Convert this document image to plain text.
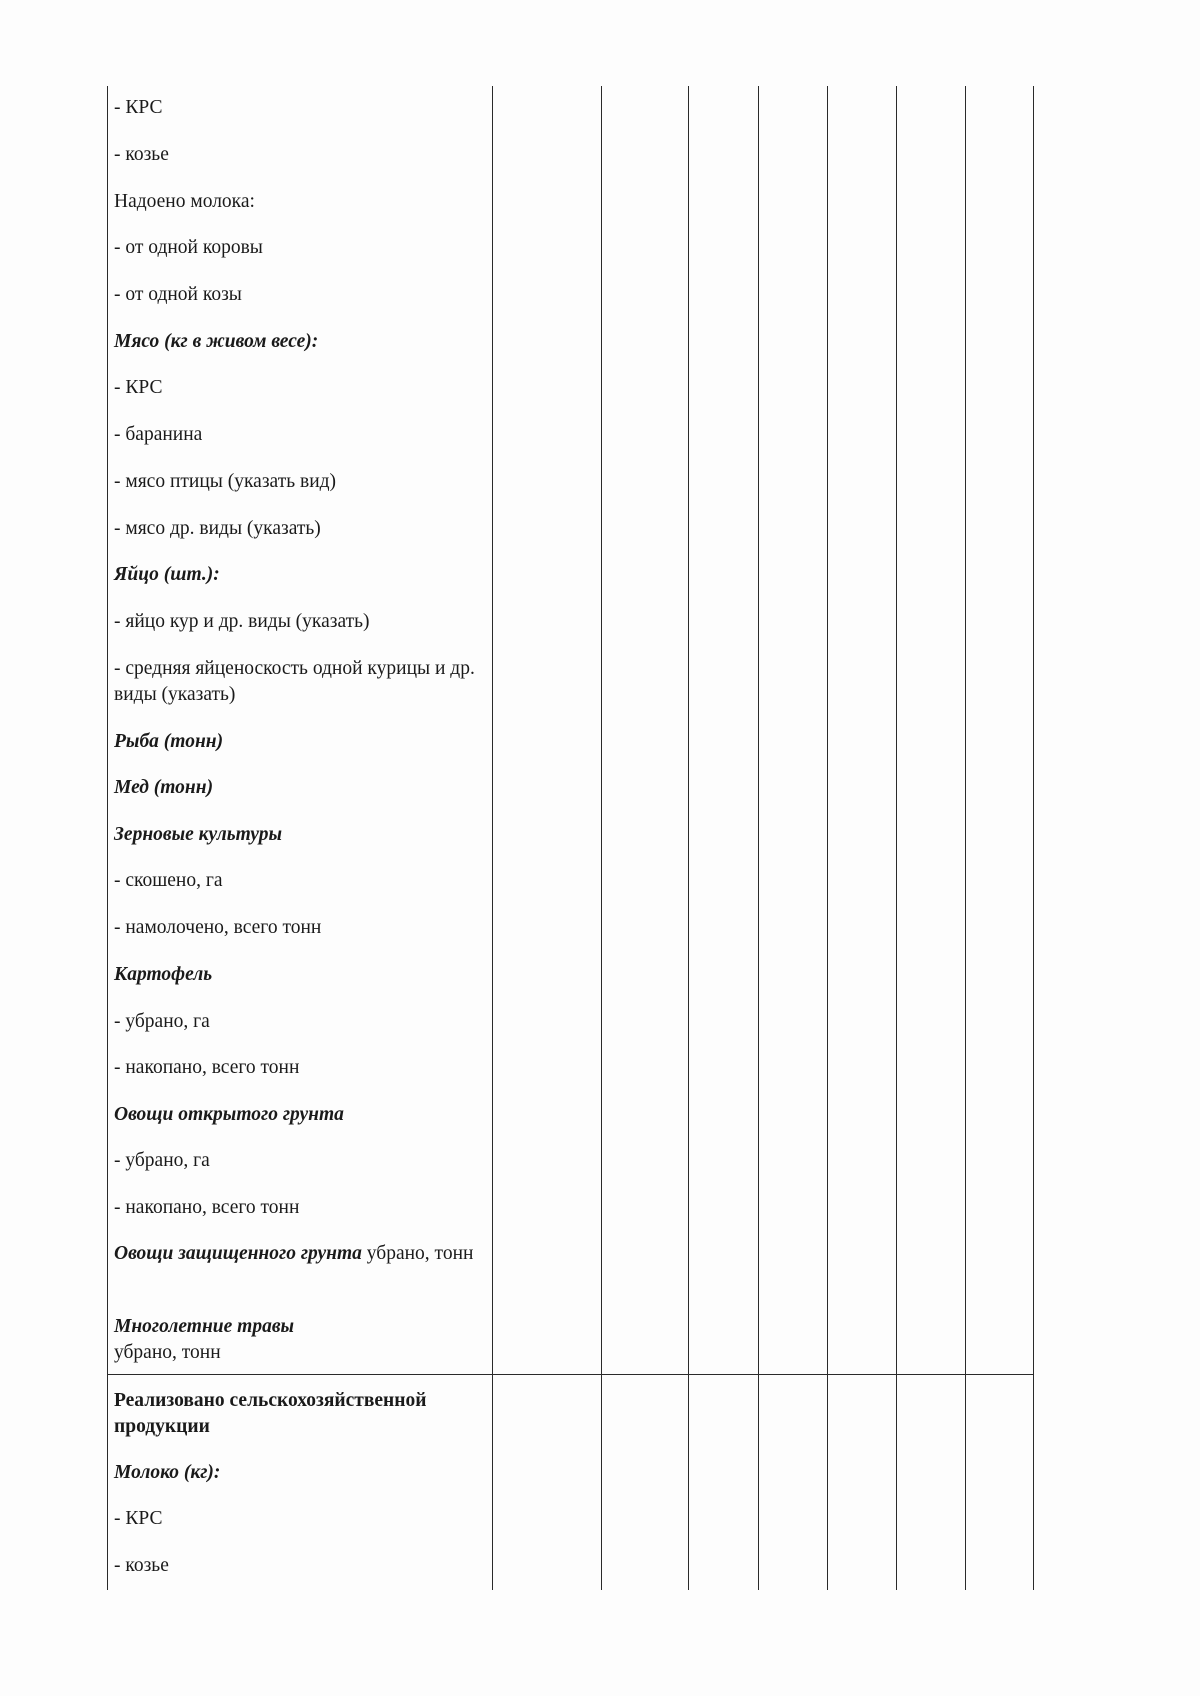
- КРС
- козье
Надоено молока:
- от одной коровы
- от одной козы
Мясо (кг в живом весе):
- КРС
- баранина
- мясо птицы (указать вид)
- мясо др. виды (указать)
Яйцо (шт.):
- яйцо кур и др. виды (указать)
- средняя яйценоскость одной курицы и др. виды (указать)
Рыба (тонн)
Мед (тонн)
Зерновые культуры
- скошено, га
- намолочено, всего тонн
Картофель
- убрано, га
- накопано, всего тонн
Овощи открытого грунта
- убрано, га
- накопано, всего тонн
Овощи защищенного грунта убрано, тонн
Многолетние травы
убрано, тонн
Реализовано сельскохозяйственной продукции
Молоко (кг):
- КРС
- козье
